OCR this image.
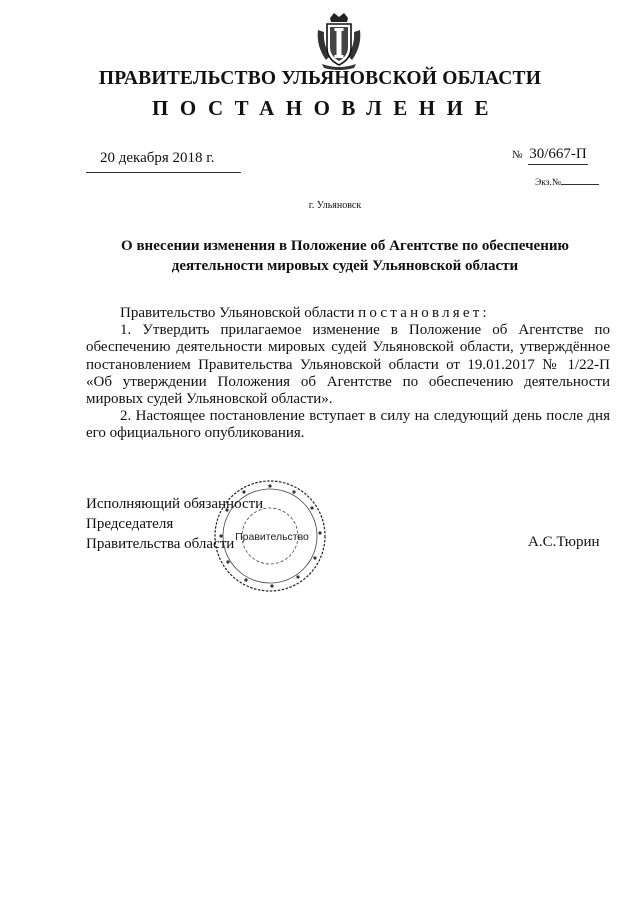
ПРАВИТЕЛЬСТВО УЛЬЯНОВСКОЙ ОБЛАСТИ
ПОСТАНОВЛЕНИЕ
20 декабря 2018 г.	№ 30/667-П
Экз.№
г. Ульяновск
О внесении изменения в Положение об Агентстве по обеспечению деятельности мировых судей Ульяновской области

Правительство Ульяновской области постановляет:

1. Утвердить прилагаемое изменение в Положение об Агентстве по обеспечению деятельности мировых судей Ульяновской области, утверждённое постановлением Правительства Ульяновской области от 19.01.2017 № 1/22-П «Об утверждении Положения об Агентстве по обеспечению деятельности мировых судей Ульяновской области».

2. Настоящее постановление вступает в силу на следующий день после дня его официального опубликования.

Правительство
Исполняющий обязанности
Председателя
Правительства области	А.С.Тюрин
